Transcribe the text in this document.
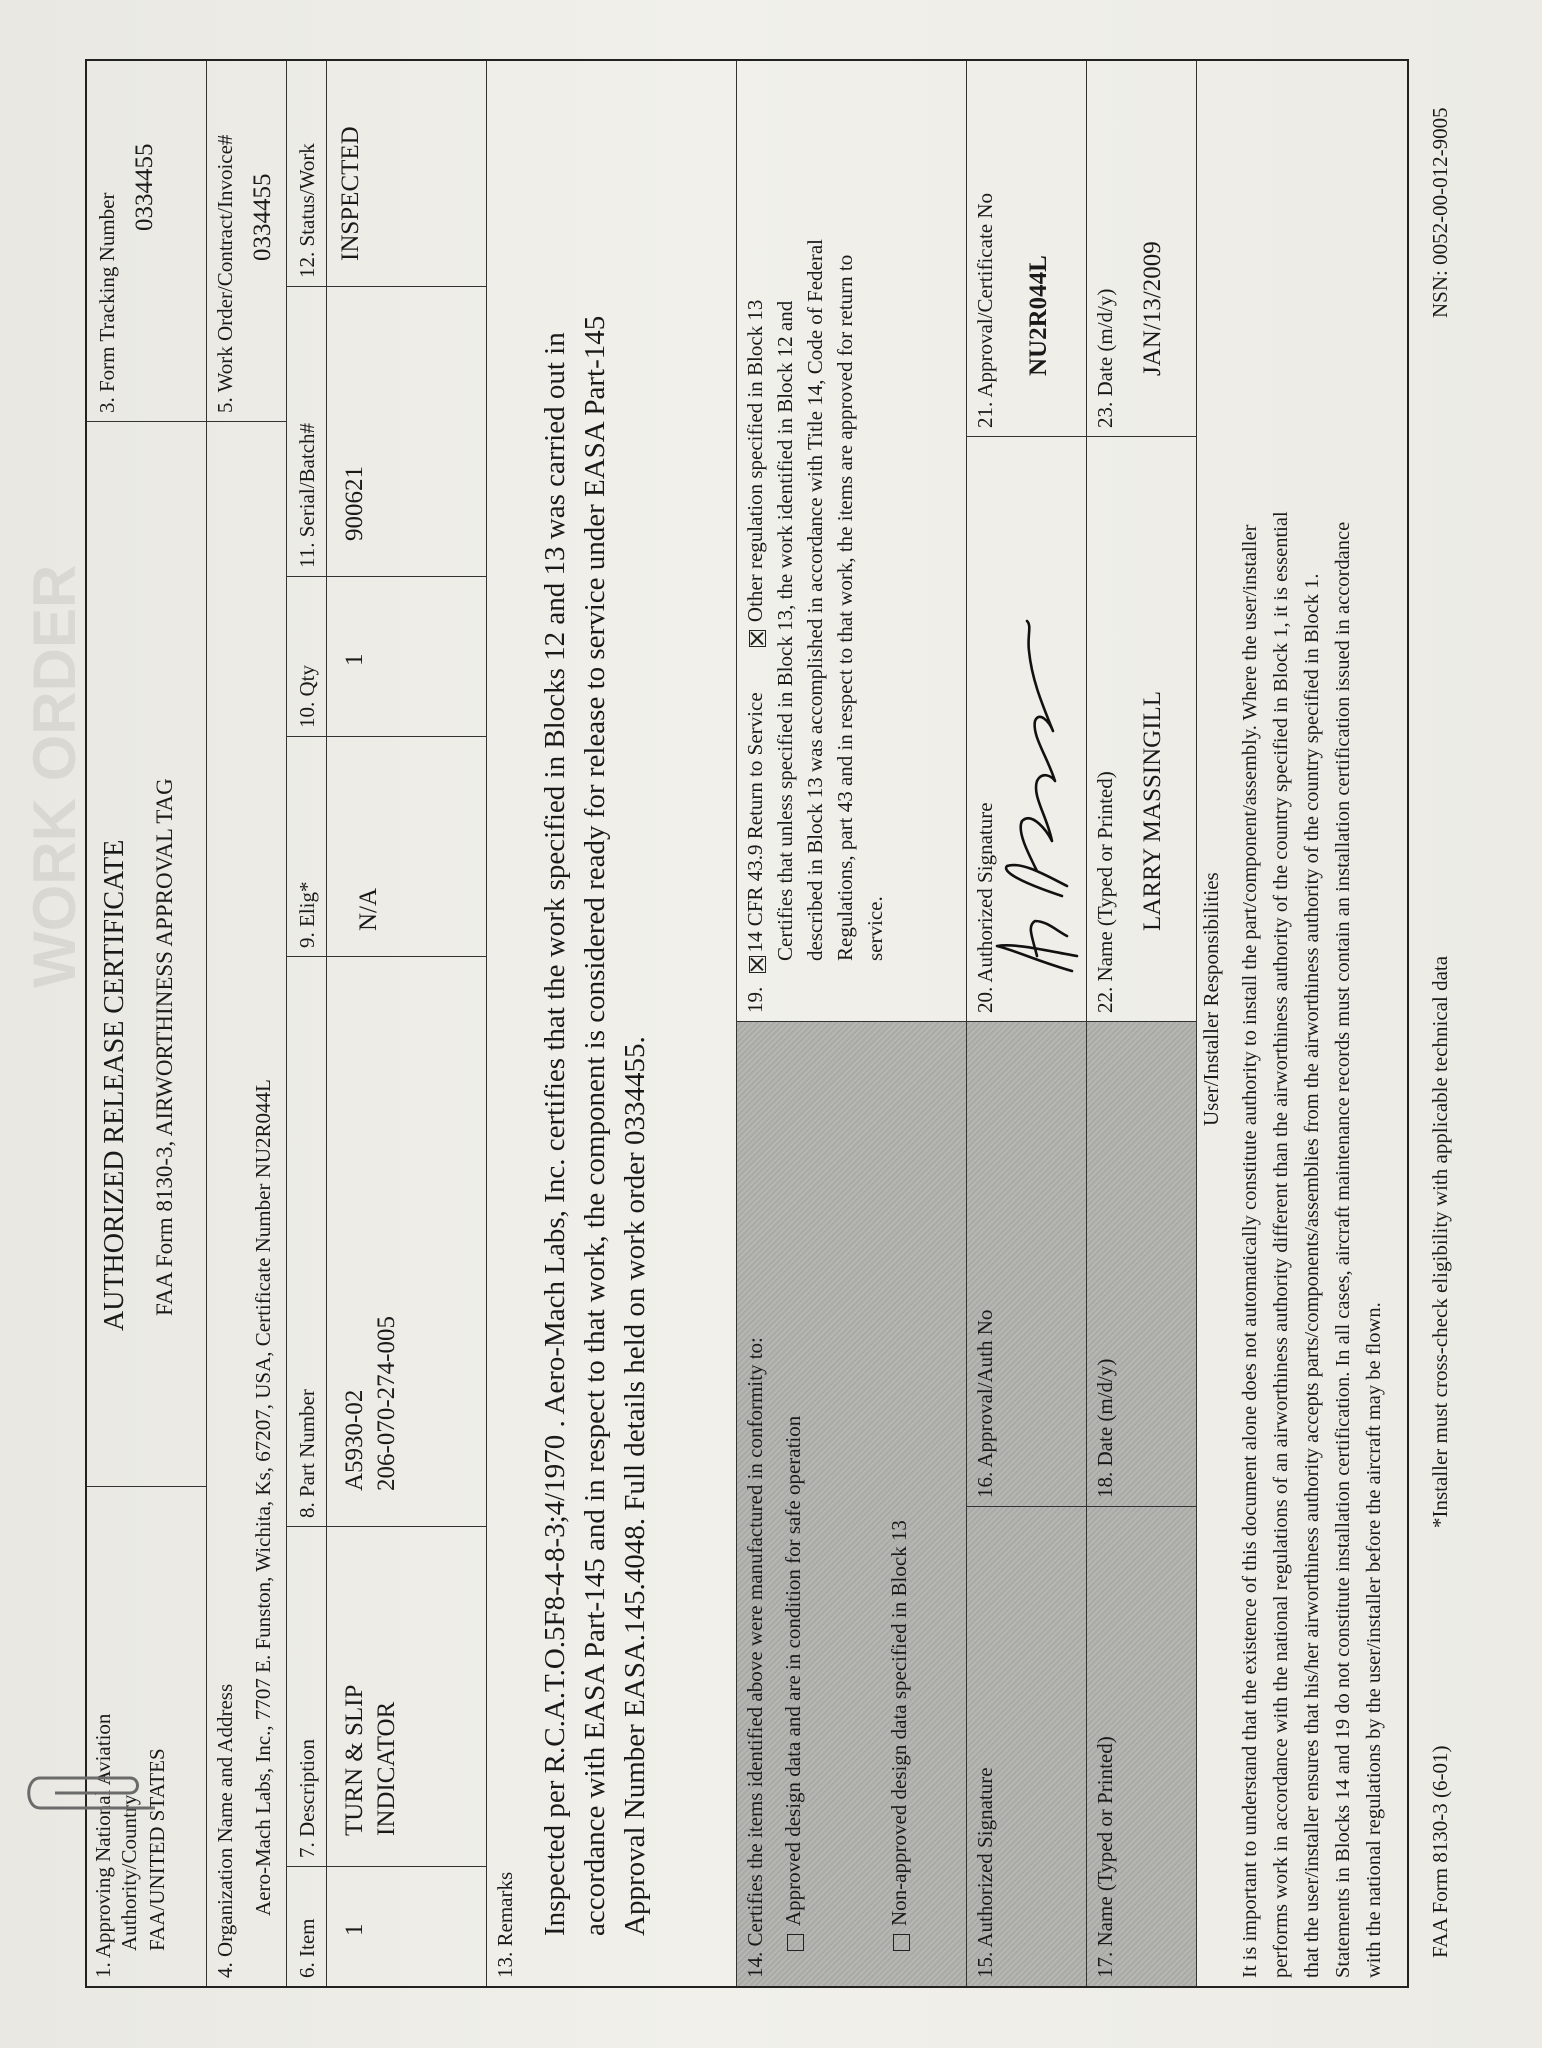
WORK ORDER
1. Approving National Aviation Authority/Country FAA/UNITED STATES
AUTHORIZED RELEASE CERTIFICATE FAA Form 8130-3, AIRWORTHINESS APPROVAL TAG
3. Form Tracking Number
0334455
4. Organization Name and Address Aero-Mach Labs, Inc., 7707 E. Funston, Wichita, Ks, 67207, USA, Certificate Number NU2R044L
5. Work Order/Contract/Invoice# 0334455
6. Item
7. Description
8. Part Number
9. Elig*
10. Qty
11. Serial/Batch#
12. Status/Work
1
TURN & SLIP INDICATOR
A5930-02 206-070-274-005
N/A
1
900621
INSPECTED
13. Remarks Inspected per R.C.A.T.O.5F8-4-8-3;4/1970 . Aero-Mach Labs, Inc. certifies that the work specified in Blocks 12 and 13 was carried out in accordance with EASA Part-145 and in respect to that work, the component is considered ready for release to service under EASA Part-145 Approval Number EASA.145.4048. Full details held on work order 0334455.	14. Certifies the items identified above were manufactured in conformity to: Approved design data and are in condition for safe operation	Non-approved design data specified in Block 13
19. 14 CFR 43.9 Return to Service Other regulation specified in Block 13 Certifies that unless specified in Block 13, the work identified in Block 12 and described in Block 13 was accomplished in accordance with Title 14, Code of Federal Regulations, part 43 and in respect to that work, the items are approved for return to service.
15. Authorized Signature
16. Approval/Auth No
20. Authorized Signature
21. Approval/Certificate No NU2R044L
17. Name (Typed or Printed)
18. Date (m/d/y)
22. Name (Typed or Printed) LARRY MASSINGILL
23. Date (m/d/y) JAN/13/2009
User/Installer Responsibilities It is important to understand that the existence of this document alone does not automatically constitute authority to install the part/component/assembly. Where the user/installer performs work in accordance with the national regulations of an airworthiness authority different than the airworthiness authority of the country specified in Block 1, it is essential that the user/installer ensures that his/her airworthiness authority accepts parts/components/assemblies from the airworthiness authority of the country specified in Block 1. Statements in Blocks 14 and 19 do not constitute installation certification. In all cases, aircraft maintenance records must contain an installation certification issued in accordance with the national regulations by the user/installer before the aircraft may be flown. FAA Form 8130-3 (6-01)
*Installer must cross-check eligibility with applicable technical data
NSN: 0052-00-012-9005
